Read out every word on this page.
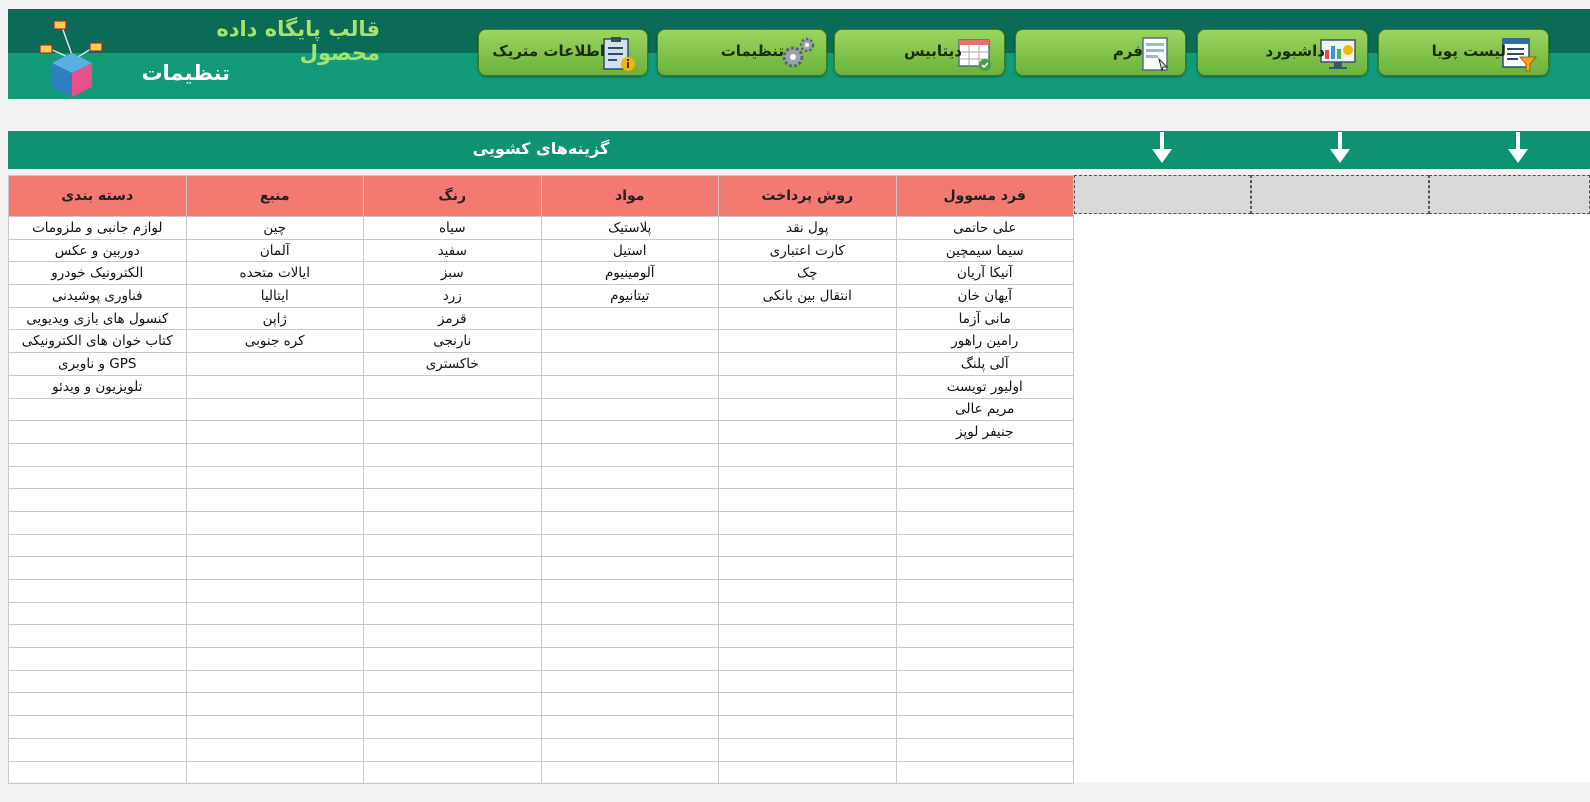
قالب پایگاه داده محصول
تنظیمات
لیست پویا
داشبورد
فرم
دیتابیس
تنظیمات
اطلاعات متریک
گزینه‌های کشویی
فرد مسوول	روش پرداخت	مواد	رنگ	منبع	دسته بندی
علی حاتمی	پول نقد	پلاستیک	سیاه	چین	لوازم جانبی و ملزومات
سیما سیمچین	کارت اعتباری	استیل	سفید	آلمان	دوربین و عکس
آنیکا آریان	چک	آلومینیوم	سبز	ایالات متحده	الکترونیک خودرو
آیهان خان	انتقال بین بانکی	تیتانیوم	زرد	ایتالیا	فناوری پوشیدنی
مانی آزما			قرمز	ژاپن	کنسول های بازی ویدیویی
رامین راهور			نارنجی	کره جنوبی	کتاب خوان های الکترونیکی
آلی پلنگ			خاکستری		GPS و ناوبری
اولیور تویست					تلویزیون و ویدئو
مریم عالی					
جنیفر لوپز					
